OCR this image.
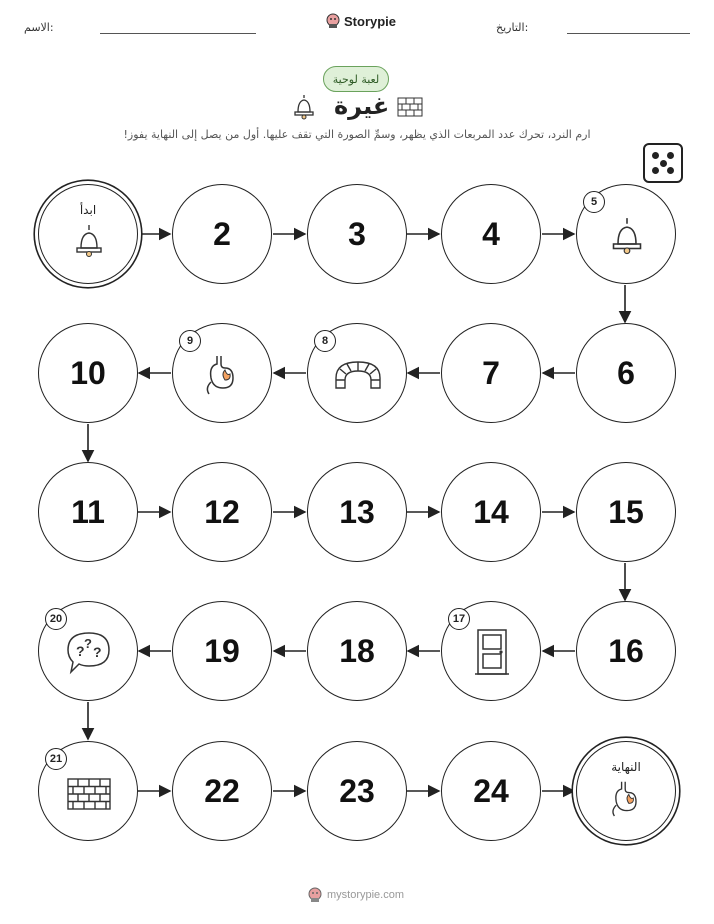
الاسم:	Storypie	التاريخ:
لعبة لوحية
غيرة
ارم النرد، تحرك عدد المربعات الذي يظهر، وسمِّ الصورة التي تقف عليها. أول من يصل إلى النهاية يفوز!
ابدأ
2	3	4
5
10
9	8
7	6
11	12	13	14	15
20
? ?
?	19	18
17
16
21
22	23	24
النهاية
mystorypie.com
